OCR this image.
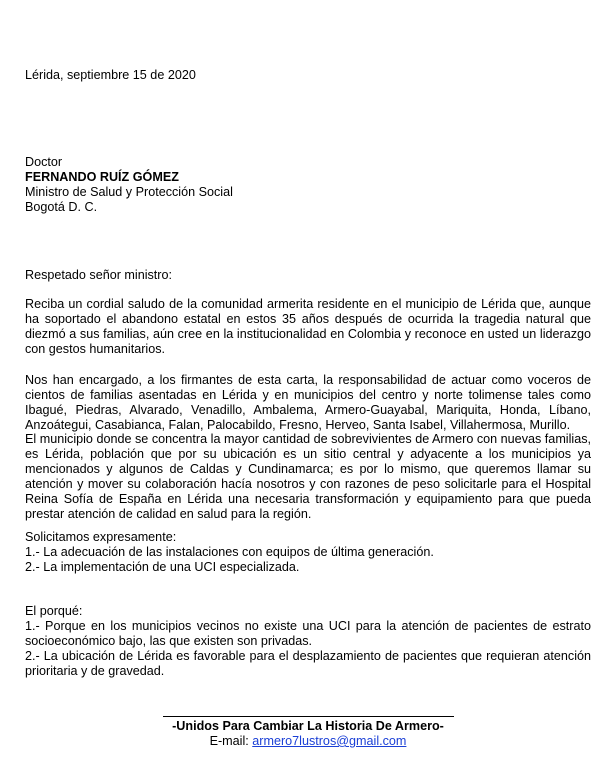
Lérida, septiembre 15 de 2020
Doctor
FERNANDO RUÍZ GÓMEZ
Ministro de Salud y Protección Social
Bogotá D. C.
Respetado señor ministro:
Reciba un cordial saludo de la comunidad armerita residente en el municipio de Lérida que, aunque ha soportado el abandono estatal en estos 35 años después de ocurrida la tragedia natural que diezmó a sus familias, aún cree en la institucionalidad en Colombia y reconoce en usted un liderazgo con gestos humanitarios.
Nos han encargado, a los firmantes de esta carta, la responsabilidad de actuar como voceros de cientos de familias asentadas en Lérida y en municipios del centro y norte tolimense tales como Ibagué, Piedras, Alvarado, Venadillo, Ambalema, Armero-Guayabal, Mariquita, Honda, Líbano, Anzoátegui, Casabianca, Falan, Palocabildo, Fresno, Herveo, Santa Isabel, Villahermosa, Murillo.
El municipio donde se concentra la mayor cantidad de sobrevivientes de Armero con nuevas familias, es Lérida, población que por su ubicación es un sitio central y adyacente a los municipios ya mencionados y algunos de Caldas y Cundinamarca; es por lo mismo, que queremos llamar su atención y mover su colaboración hacía nosotros y con razones de peso solicitarle para el Hospital Reina Sofía de España en Lérida una necesaria transformación y equipamiento para que pueda prestar atención de calidad en salud para la región.
Solicitamos expresamente:
1.- La adecuación de las instalaciones con equipos de última generación.
2.- La implementación de una UCI especializada.
El porqué:
1.- Porque en los municipios vecinos no existe una UCI para la atención de pacientes de estrato socioeconómico bajo, las que existen son privadas.
2.- La ubicación de Lérida es favorable para el desplazamiento de pacientes que requieran atención prioritaria y de gravedad.
-Unidos Para Cambiar La Historia De Armero-
E-mail: armero7lustros@gmail.com
